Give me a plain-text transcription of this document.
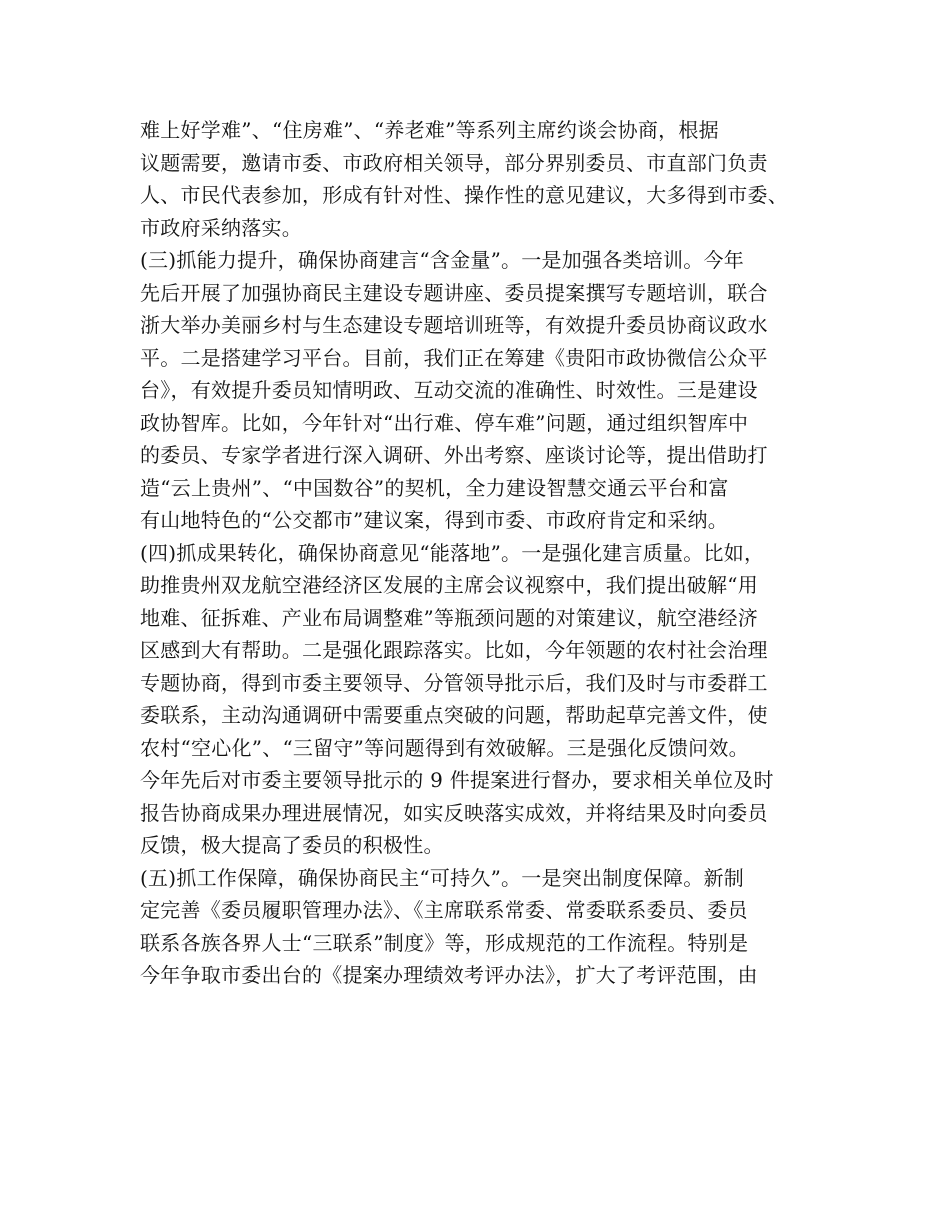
难上好学难”、“住房难”、“养老难”等系列主席约谈会协商，根据
议题需要，邀请市委、市政府相关领导，部分界别委员、市直部门负责
人、市民代表参加，形成有针对性、操作性的意见建议，大多得到市委、
市政府采纳落实。
(三)抓能力提升，确保协商建言“含金量”。一是加强各类培训。今年
先后开展了加强协商民主建设专题讲座、委员提案撰写专题培训，联合
浙大举办美丽乡村与生态建设专题培训班等，有效提升委员协商议政水
平。二是搭建学习平台。目前，我们正在筹建《贵阳市政协微信公众平
台》，有效提升委员知情明政、互动交流的准确性、时效性。三是建设
政协智库。比如，今年针对“出行难、停车难”问题，通过组织智库中
的委员、专家学者进行深入调研、外出考察、座谈讨论等，提出借助打
造“云上贵州”、“中国数谷”的契机，全力建设智慧交通云平台和富
有山地特色的“公交都市”建议案，得到市委、市政府肯定和采纳。
(四)抓成果转化，确保协商意见“能落地”。一是强化建言质量。比如，
助推贵州双龙航空港经济区发展的主席会议视察中，我们提出破解“用
地难、征拆难、产业布局调整难”等瓶颈问题的对策建议，航空港经济
区感到大有帮助。二是强化跟踪落实。比如，今年领题的农村社会治理
专题协商，得到市委主要领导、分管领导批示后，我们及时与市委群工
委联系，主动沟通调研中需要重点突破的问题，帮助起草完善文件，使
农村“空心化”、“三留守”等问题得到有效破解。三是强化反馈问效。
今年先后对市委主要领导批示的 9 件提案进行督办，要求相关单位及时
报告协商成果办理进展情况，如实反映落实成效，并将结果及时向委员
反馈，极大提高了委员的积极性。
(五)抓工作保障，确保协商民主“可持久”。一是突出制度保障。新制
定完善《委员履职管理办法》、《主席联系常委、常委联系委员、委员
联系各族各界人士“三联系”制度》等，形成规范的工作流程。特别是
今年争取市委出台的《提案办理绩效考评办法》，扩大了考评范围，由
